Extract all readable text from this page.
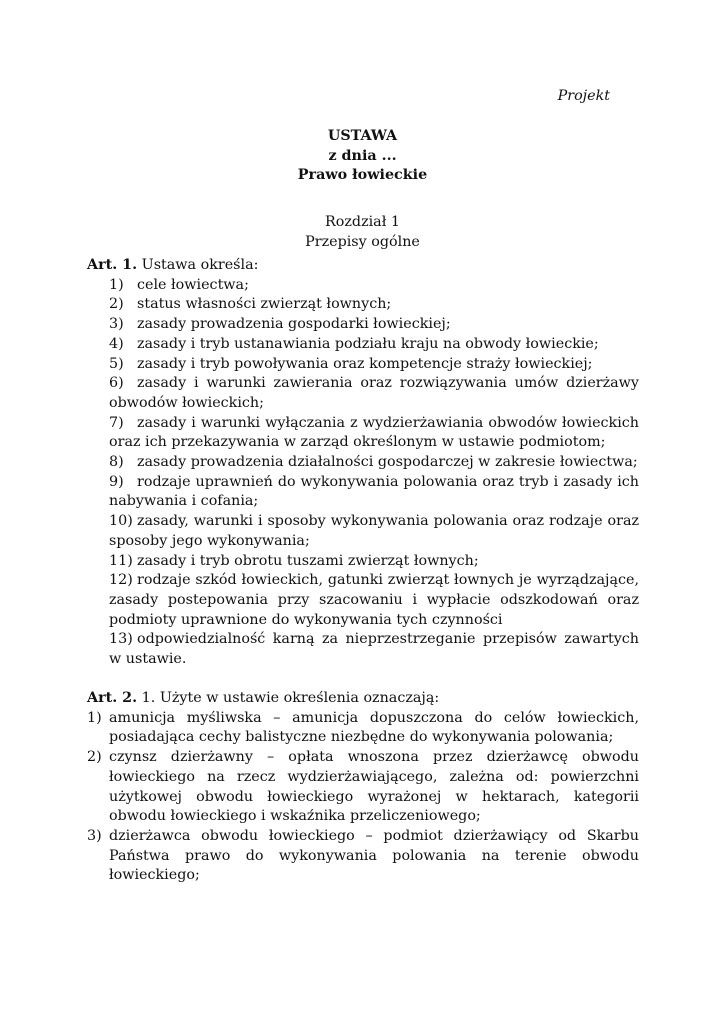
Projekt
USTAWA
z dnia ...
Prawo łowieckie
Rozdział 1
Przepisy ogólne
Art. 1. Ustawa określa:
1) cele łowiectwa;
2) status własności zwierząt łownych;
3) zasady prowadzenia gospodarki łowieckiej;
4) zasady i tryb ustanawiania podziału kraju na obwody łowieckie;
5) zasady i tryb powoływania oraz kompetencje straży łowieckiej;
6) zasady i warunki zawierania oraz rozwiązywania umów dzierżawy obwodów łowieckich;
7) zasady i warunki wyłączania z wydzierżawiania obwodów łowieckich oraz ich przekazywania w zarząd określonym w ustawie podmiotom;
8) zasady prowadzenia działalności gospodarczej w zakresie łowiectwa;
9) rodzaje uprawnień do wykonywania polowania oraz tryb i zasady ich nabywania i cofania;
10) zasady, warunki i sposoby wykonywania polowania oraz rodzaje oraz sposoby jego wykonywania;
11) zasady i tryb obrotu tuszami zwierząt łownych;
12) rodzaje szkód łowieckich, gatunki zwierząt łownych je wyrządzające, zasady postepowania przy szacowaniu i wypłacie odszkodowań oraz podmioty uprawnione do wykonywania tych czynności
13) odpowiedzialność karną za nieprzestrzeganie przepisów zawartych w ustawie.
Art. 2. 1. Użyte w ustawie określenia oznaczają:
1) amunicja myśliwska – amunicja dopuszczona do celów łowieckich, posiadająca cechy balistyczne niezbędne do wykonywania polowania;
2) czynsz dzierżawny – opłata wnoszona przez dzierżawcę obwodu łowieckiego na rzecz wydzierżawiającego, zależna od: powierzchni użytkowej obwodu łowieckiego wyrażonej w hektarach, kategorii obwodu łowieckiego i wskaźnika przeliczeniowego;
3) dzierżawca obwodu łowieckiego – podmiot dzierżawiący od Skarbu Państwa prawo do wykonywania polowania na terenie obwodu łowieckiego;
